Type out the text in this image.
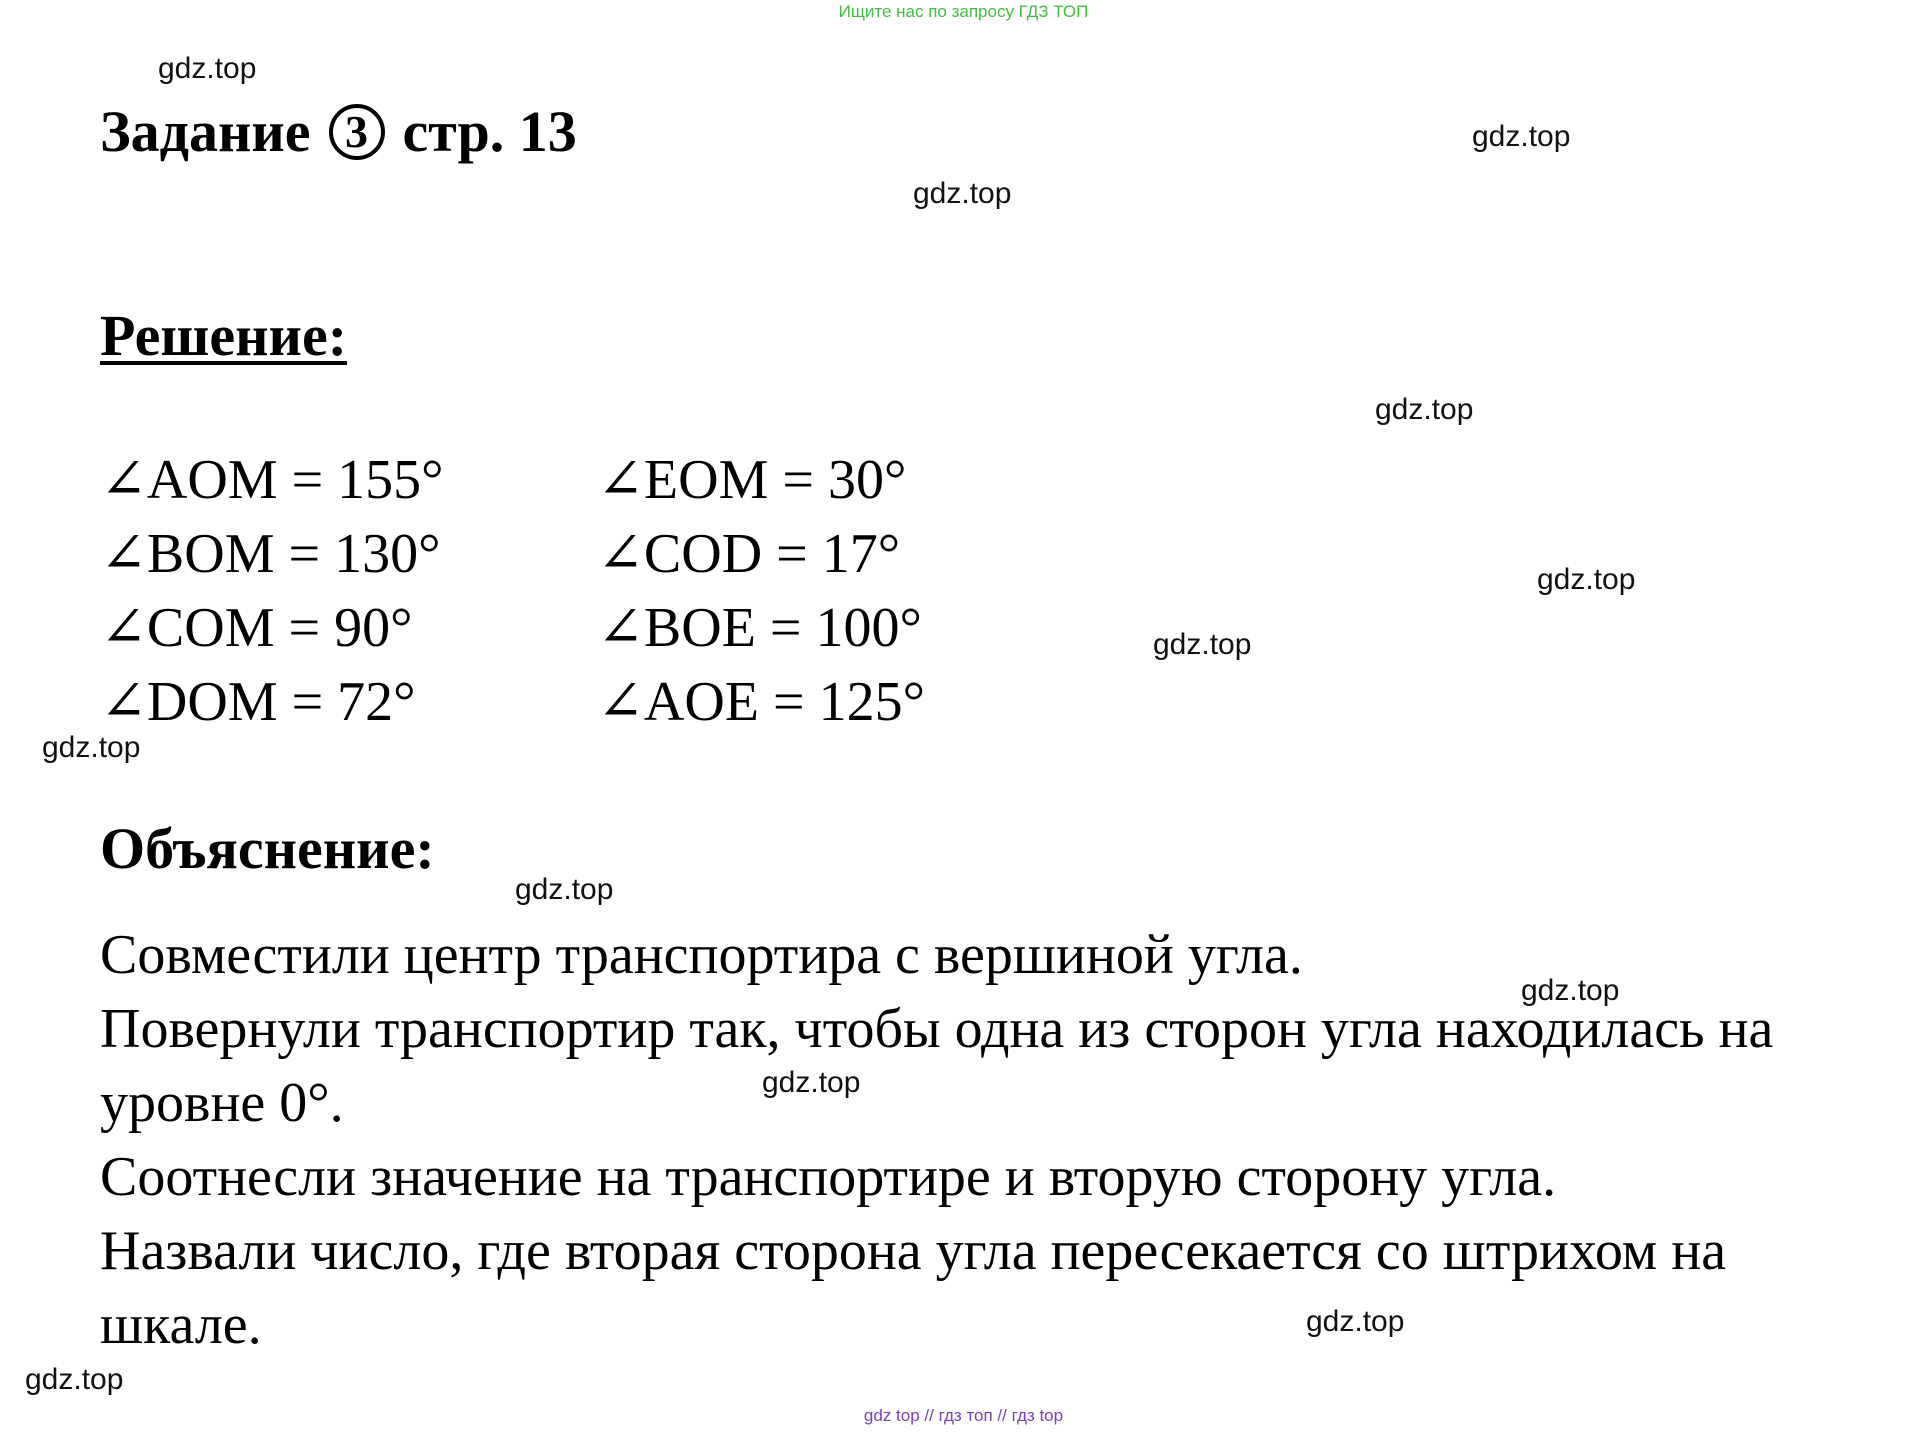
Ищите нас по запросу ГДЗ ТОП
Задание 3 стр. 13
Решение:
∠AOM = 155°
∠BOM = 130°
∠COM = 90°
∠DOM = 72°
∠EOM = 30°
∠COD = 17°
∠BOE = 100°
∠AOE = 125°
Объяснение:
Совместили центр транспортира с вершиной угла.
Повернули транспортир так, чтобы одна из сторон угла находилась на
уровне 0°.
Соотнесли значение на транспортире и вторую сторону угла.
Назвали число, где вторая сторона угла пересекается со штрихом на
шкале.
gdz.top
gdz.top
gdz.top
gdz.top
gdz.top
gdz.top
gdz.top
gdz.top
gdz.top
gdz.top
gdz.top
gdz.top
gdz top // гдз топ // гдз top
